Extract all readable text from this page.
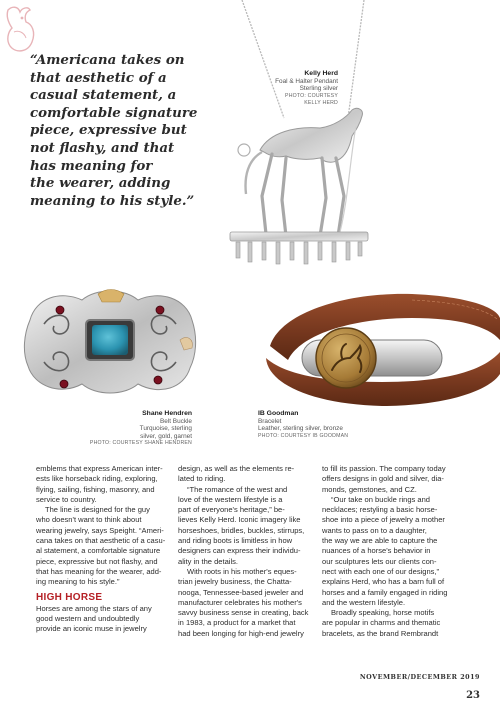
“Americana takes on
that aesthetic of a
casual statement, a
comfortable signature
piece, expressive but
not flashy, and that
has meaning for
the wearer, adding
meaning to his style.”
Kelly Herd
Foal & Halter Pendant
Sterling silver
PHOTO: COURTESY
KELLY HERD
Shane Hendren
Belt Buckle
Turquoise, sterling
silver, gold, garnet
PHOTO: COURTESY SHANE HENDREN
IB Goodman
Bracelet
Leather, sterling silver, bronze
PHOTO: COURTESY IB GOODMAN

emblems that express American inter-
ests like horseback riding, exploring,
flying, sailing, fishing, masonry, and
service to country.

The line is designed for the guy
who doesn't want to think about
wearing jewelry, says Speight. “Ameri-
cana takes on that aesthetic of a casu-
al statement, a comfortable signature
piece, expressive but not flashy, and
that has meaning for the wearer, add-
ing meaning to his style.”

HIGH HORSE

Horses are among the stars of any
good western and undoubtedly
provide an iconic muse in jewelry

design, as well as the elements re-
lated to riding.

“The romance of the west and
love of the western lifestyle is a
part of everyone's heritage,” be-
lieves Kelly Herd. Iconic imagery like
horseshoes, bridles, buckles, stirrups,
and riding boots is limitless in how
designers can express their individu-
ality in the details.

With roots in his mother's eques-
trian jewelry business, the Chatta-
nooga, Tennessee-based jeweler and
manufacturer celebrates his mother's
savvy business sense in creating, back
in 1983, a product for a market that
had been longing for high-end jewelry

to fill its passion. The company today
offers designs in gold and silver, dia-
monds, gemstones, and CZ.

“Our take on buckle rings and
necklaces; restyling a basic horse-
shoe into a piece of jewelry a mother
wants to pass on to a daughter,
the way we are able to capture the
nuances of a horse's behavior in
our sculptures lets our clients con-
nect with each one of our designs,”
explains Herd, who has a barn full of
horses and a family engaged in riding
and the western lifestyle.

Broadly speaking, horse motifs
are popular in charms and thematic
bracelets, as the brand Rembrandt

NOVEMBER/DECEMBER 2019 23
